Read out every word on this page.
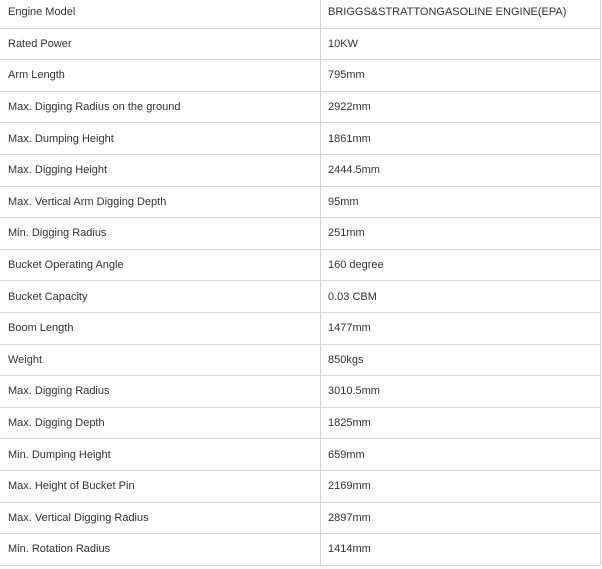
Engine Model	BRIGGS&STRATTONGASOLINE ENGINE(EPA)
Rated Power	10KW
Arm Length	795mm
Max. Digging Radius on the ground	2922mm
Max. Dumping Height	1861mm
Max. Digging Height	2444.5mm
Max. Vertical Arm Digging Depth	95mm
Min. Digging Radius	251mm
Bucket Operating Angle	160 degree
Bucket Capacity	0.03 CBM
Boom Length	1477mm
Weight	850kgs
Max. Digging Radius	3010.5mm
Max. Digging Depth	1825mm
Min. Dumping Height	659mm
Max. Height of Bucket Pin	2169mm
Max. Vertical Digging Radius	2897mm
Min. Rotation Radius	1414mm
